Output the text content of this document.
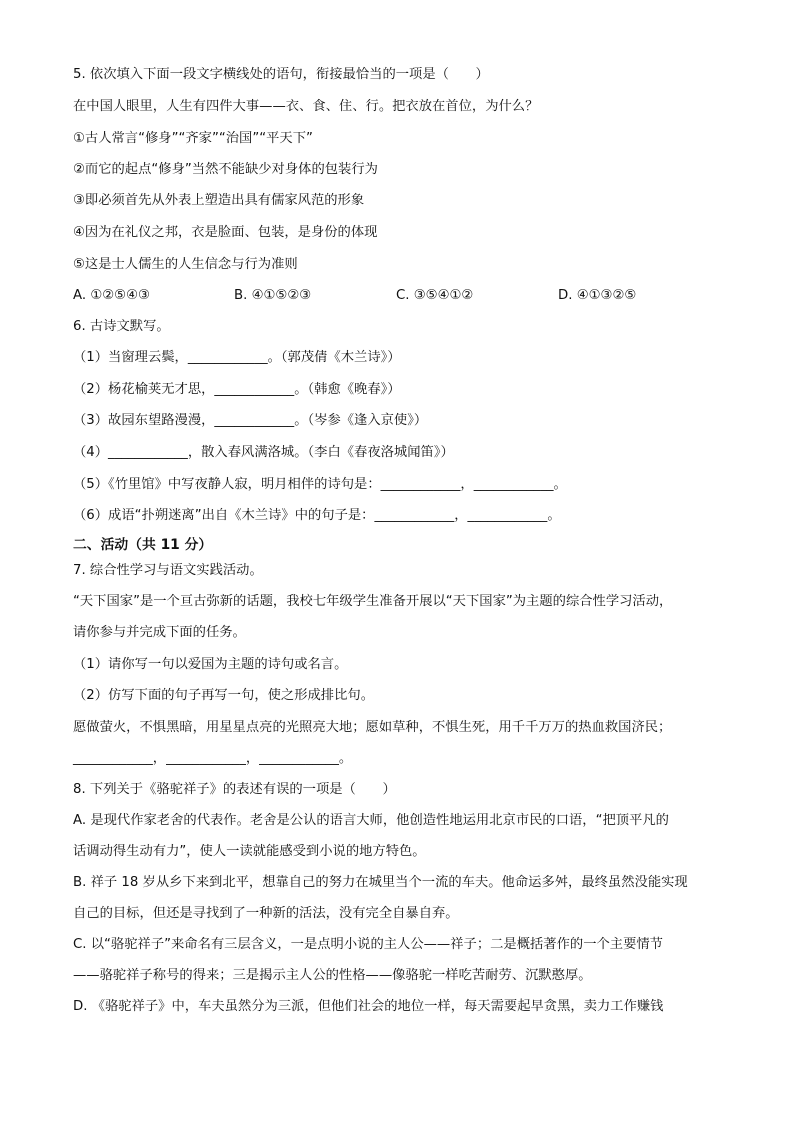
5. 依次填入下面一段文字横线处的语句，衔接最恰当的一项是（　　）
在中国人眼里，人生有四件大事——衣、食、住、行。把衣放在首位，为什么？
①古人常言“修身”“齐家”“治国”“平天下”
②而它的起点“修身”当然不能缺少对身体的包装行为
③即必须首先从外表上塑造出具有儒家风范的形象
④因为在礼仪之邦，衣是脸面、包装，是身份的体现
⑤这是士人儒生的人生信念与行为准则
A. ①②⑤④③	B. ④①⑤②③	C. ③⑤④①②	D. ④①③②⑤
6. 古诗文默写。
（1）当窗理云鬓，____________。（郭茂倩《木兰诗》）
（2）杨花榆荚无才思，____________。（韩愈《晚春》）
（3）故园东望路漫漫，____________。（岑参《逢入京使》）
（4）____________，散入春风满洛城。（李白《春夜洛城闻笛》）
（5）《竹里馆》中写夜静人寂，明月相伴的诗句是：____________，____________。
（6）成语“扑朔迷离”出自《木兰诗》中的句子是：____________，____________。
二、活动（共 11 分）
7. 综合性学习与语文实践活动。
“天下国家”是一个亘古弥新的话题，我校七年级学生准备开展以“天下国家”为主题的综合性学习活动，
请你参与并完成下面的任务。
（1）请你写一句以爱国为主题的诗句或名言。
（2）仿写下面的句子再写一句，使之形成排比句。
愿做萤火，不惧黑暗，用星星点亮的光照亮大地；愿如草种，不惧生死，用千千万万的热血救国济民；
____________，____________，____________。
8. 下列关于《骆驼祥子》的表述有误的一项是（　　）
A. 是现代作家老舍的代表作。老舍是公认的语言大师，他创造性地运用北京市民的口语，“把顶平凡的
话调动得生动有力”，使人一读就能感受到小说的地方特色。
B. 祥子 18 岁从乡下来到北平，想靠自己的努力在城里当个一流的车夫。他命运多舛，最终虽然没能实现
自己的目标，但还是寻找到了一种新的活法，没有完全自暴自弃。
C. 以“骆驼祥子”来命名有三层含义，一是点明小说的主人公——祥子；二是概括著作的一个主要情节
——骆驼祥子称号的得来；三是揭示主人公的性格——像骆驼一样吃苦耐劳、沉默憨厚。
D. 《骆驼祥子》中，车夫虽然分为三派，但他们社会的地位一样，每天需要起早贪黑，卖力工作赚钱
